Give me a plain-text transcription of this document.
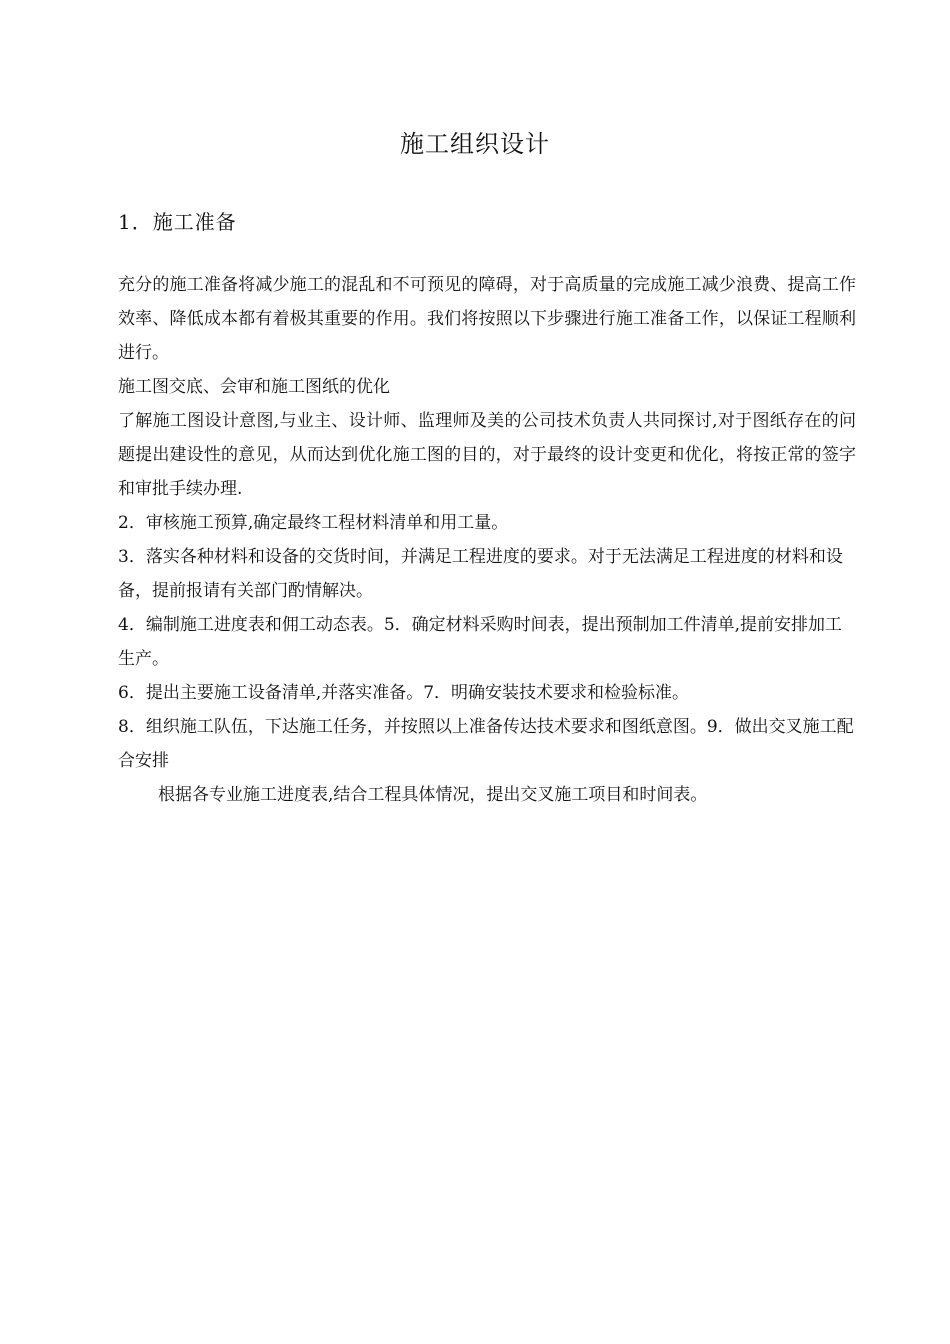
施工组织设计
1．施工准备

充分的施工准备将减少施工的混乱和不可预见的障碍，对于高质量的完成施工减少浪费、提高工作效率、降低成本都有着极其重要的作用。我们将按照以下步骤进行施工准备工作，以保证工程顺利进行。

施工图交底、会审和施工图纸的优化

了解施工图设计意图,与业主、设计师、监理师及美的公司技术负责人共同探讨,对于图纸存在的问题提出建设性的意见，从而达到优化施工图的目的，对于最终的设计变更和优化，将按正常的签字和审批手续办理.

2．审核施工预算,确定最终工程材料清单和用工量。

3．落实各种材料和设备的交货时间，并满足工程进度的要求。对于无法满足工程进度的材料和设备，提前报请有关部门酌情解决。

4．编制施工进度表和佣工动态表。5．确定材料采购时间表，提出预制加工件清单,提前安排加工生产。

6．提出主要施工设备清单,并落实准备。7．明确安装技术要求和检验标准。

8．组织施工队伍，下达施工任务，并按照以上准备传达技术要求和图纸意图。9．做出交叉施工配合安排

根据各专业施工进度表,结合工程具体情况，提出交叉施工项目和时间表。
